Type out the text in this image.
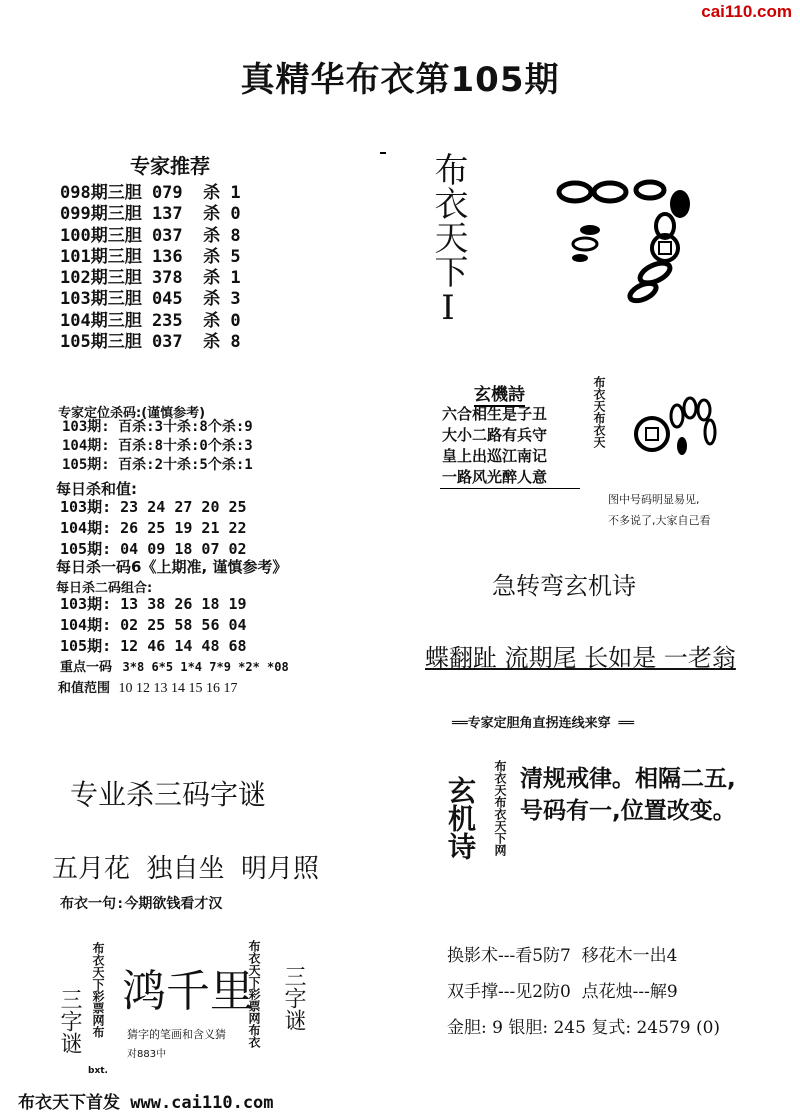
cai110.com
真精华布衣第105期
专家推荐
098期三胆 079  杀 1
099期三胆 137  杀 0
100期三胆 037  杀 8
101期三胆 136  杀 5
102期三胆 378  杀 1
103期三胆 045  杀 3
104期三胆 235  杀 0
105期三胆 037  杀 8
专家定位杀码:(谨慎参考)
103期: 百杀:3十杀:8个杀:9
104期: 百杀:8十杀:0个杀:3
105期: 百杀:2十杀:5个杀:1
每日杀和值:
103期: 23 24 27 20 25
104期: 26 25 19 21 22
105期: 04 09 18 07 02
每日杀一码6《上期准, 谨慎参考》
每日杀二码组合:
103期: 13 38 26 18 19
104期: 02 25 58 56 04
105期: 12 46 14 48 68
重点一码 3*8 6*5 1*4 7*9 *2* *08
和值范围 10 12 13 14 15 16 17
专业杀三码字谜
五月花  独自坐  明月照
布衣一句:今期欲钱看才汉
三字谜 布衣天下彩票网布
bxt.
鸿千里
猜字的笔画和含义猜
对883中
布衣天下彩票网布衣 三字谜
布衣天下I
玄機詩
六合相生是子丑
大小二路有兵守
皇上出巡江南记
一路风光醉人意
布衣天布衣天
图中号码明显易见,
不多说了,大家自己看
急转弯玄机诗
蝶翻趾 流期尾 长如是 一老翁
══专家定胆角直拐连线来穿 ══
玄机诗 布衣天布衣天下网 清规戒律。相隔二五,
号码有一,位置改变。
换影术---看5防7  移花木一出4
双手撑---见2防0  点花烛---解9
金胆: 9 银胆: 245 复式: 24579 (0)
布衣天下首发 www.cai110.com
